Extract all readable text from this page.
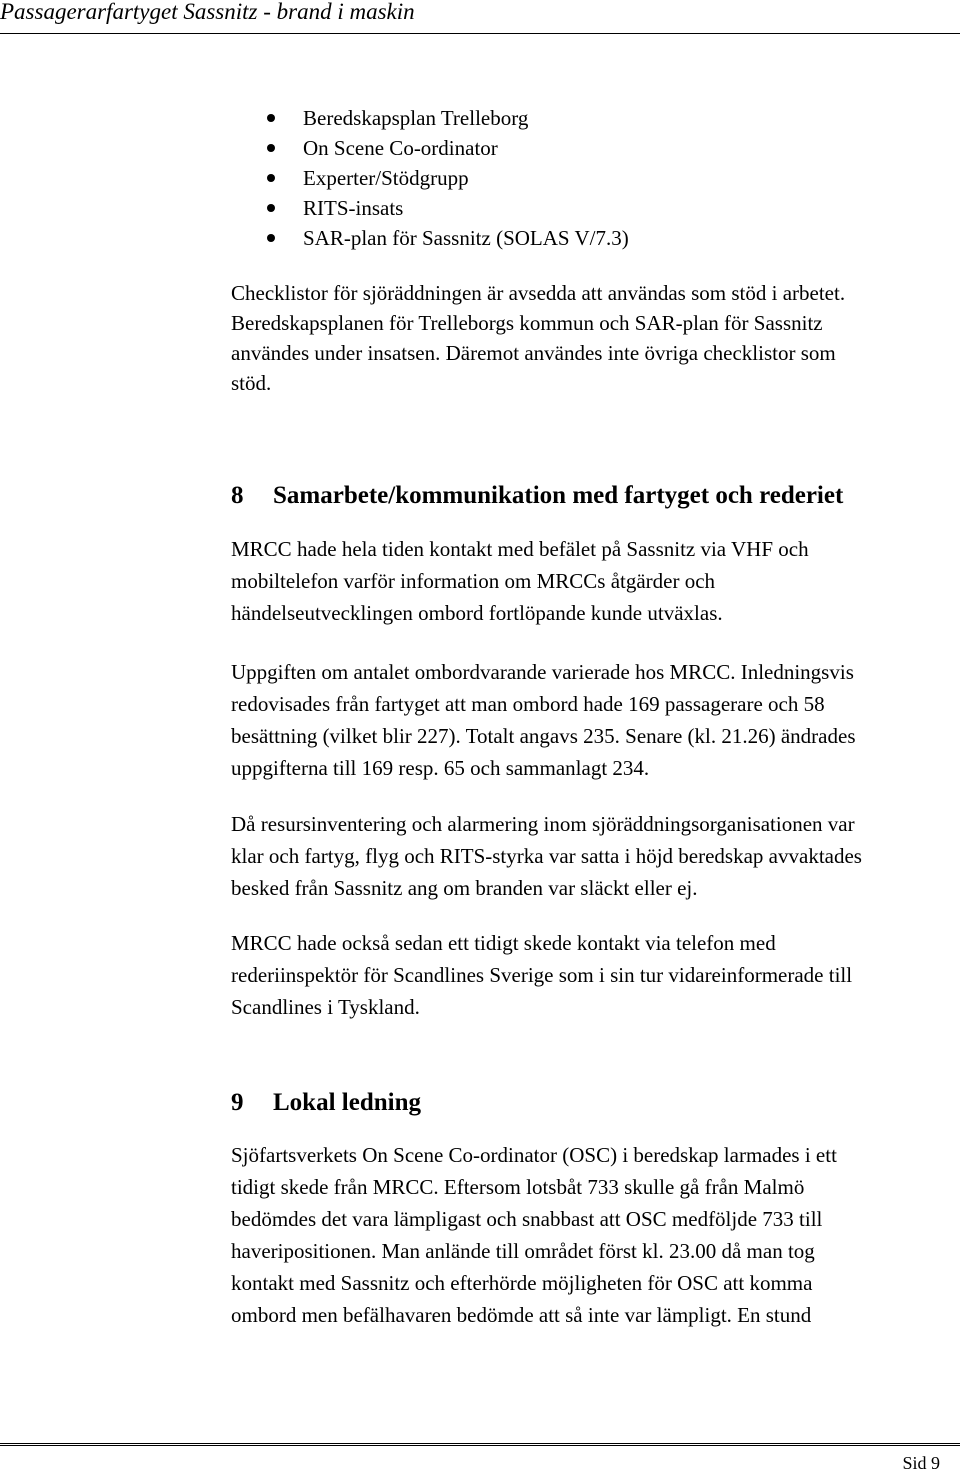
Passagerarfartyget Sassnitz - brand i maskin
Beredskapsplan Trelleborg
On Scene Co-ordinator
Experter/Stödgrupp
RITS-insats
SAR-plan för Sassnitz (SOLAS V/7.3)

Checklistor för sjöräddningen är avsedda att användas som stöd i arbetet.
Beredskapsplanen för Trelleborgs kommun och SAR-plan för Sassnitz
användes under insatsen. Däremot användes inte övriga checklistor som
stöd.

8 Samarbete/kommunikation med fartyget och rederiet

MRCC hade hela tiden kontakt med befälet på Sassnitz via VHF och
mobiltelefon varför information om MRCCs åtgärder och
händelseutvecklingen ombord fortlöpande kunde utväxlas.

Uppgiften om antalet ombordvarande varierade hos MRCC. Inledningsvis
redovisades från fartyget att man ombord hade 169 passagerare och 58
besättning (vilket blir 227). Totalt angavs 235. Senare (kl. 21.26) ändrades
uppgifterna till 169 resp. 65 och sammanlagt 234.

Då resursinventering och alarmering inom sjöräddningsorganisationen var
klar och fartyg, flyg och RITS-styrka var satta i höjd beredskap avvaktades
besked från Sassnitz ang om branden var släckt eller ej.

MRCC hade också sedan ett tidigt skede kontakt via telefon med
rederiinspektör för Scandlines Sverige som i sin tur vidareinformerade till
Scandlines i Tyskland.

9 Lokal ledning

Sjöfartsverkets On Scene Co-ordinator (OSC) i beredskap larmades i ett
tidigt skede från MRCC. Eftersom lotsbåt 733 skulle gå från Malmö
bedömdes det vara lämpligast och snabbast att OSC medföljde 733 till
haveripositionen. Man anlände till området först kl. 23.00 då man tog
kontakt med Sassnitz och efterhörde möjligheten för OSC att komma
ombord men befälhavaren bedömde att så inte var lämpligt. En stund

Sid 9
